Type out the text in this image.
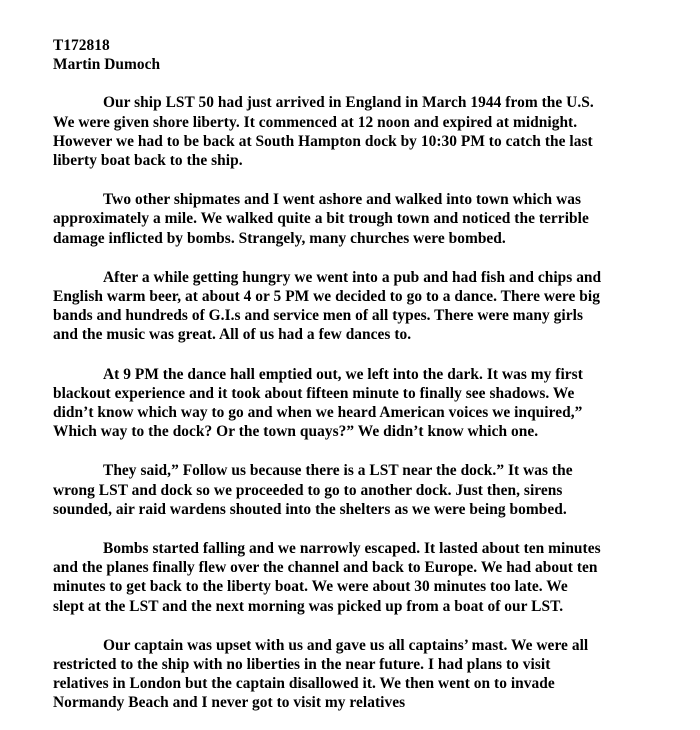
T172818

Martin Dumoch

Our ship LST 50 had just arrived in England in March 1944 from the U.S.
We were given shore liberty. It commenced at 12 noon and expired at midnight.
However we had to be back at South Hampton dock by 10:30 PM to catch the last
liberty boat back to the ship.
Two other shipmates and I went ashore and walked into town which was
approximately a mile. We walked quite a bit trough town and noticed the terrible
damage inflicted by bombs. Strangely, many churches were bombed.
After a while getting hungry we went into a pub and had fish and chips and
English warm beer, at about 4 or 5 PM we decided to go to a dance. There were big
bands and hundreds of G.I.s and service men of all types. There were many girls
and the music was great. All of us had a few dances to.
At 9 PM the dance hall emptied out, we left into the dark. It was my first
blackout experience and it took about fifteen minute to finally see shadows. We
didn’t know which way to go and when we heard American voices we inquired,”
Which way to the dock? Or the town quays?” We didn’t know which one.
They said,” Follow us because there is a LST near the dock.” It was the
wrong LST and dock so we proceeded to go to another dock. Just then, sirens
sounded, air raid wardens shouted into the shelters as we were being bombed.
Bombs started falling and we narrowly escaped. It lasted about ten minutes
and the planes finally flew over the channel and back to Europe. We had about ten
minutes to get back to the liberty boat. We were about 30 minutes too late. We
slept at the LST and the next morning was picked up from a boat of our LST.
Our captain was upset with us and gave us all captains’ mast. We were all
restricted to the ship with no liberties in the near future. I had plans to visit
relatives in London but the captain disallowed it. We then went on to invade
Normandy Beach and I never got to visit my relatives
